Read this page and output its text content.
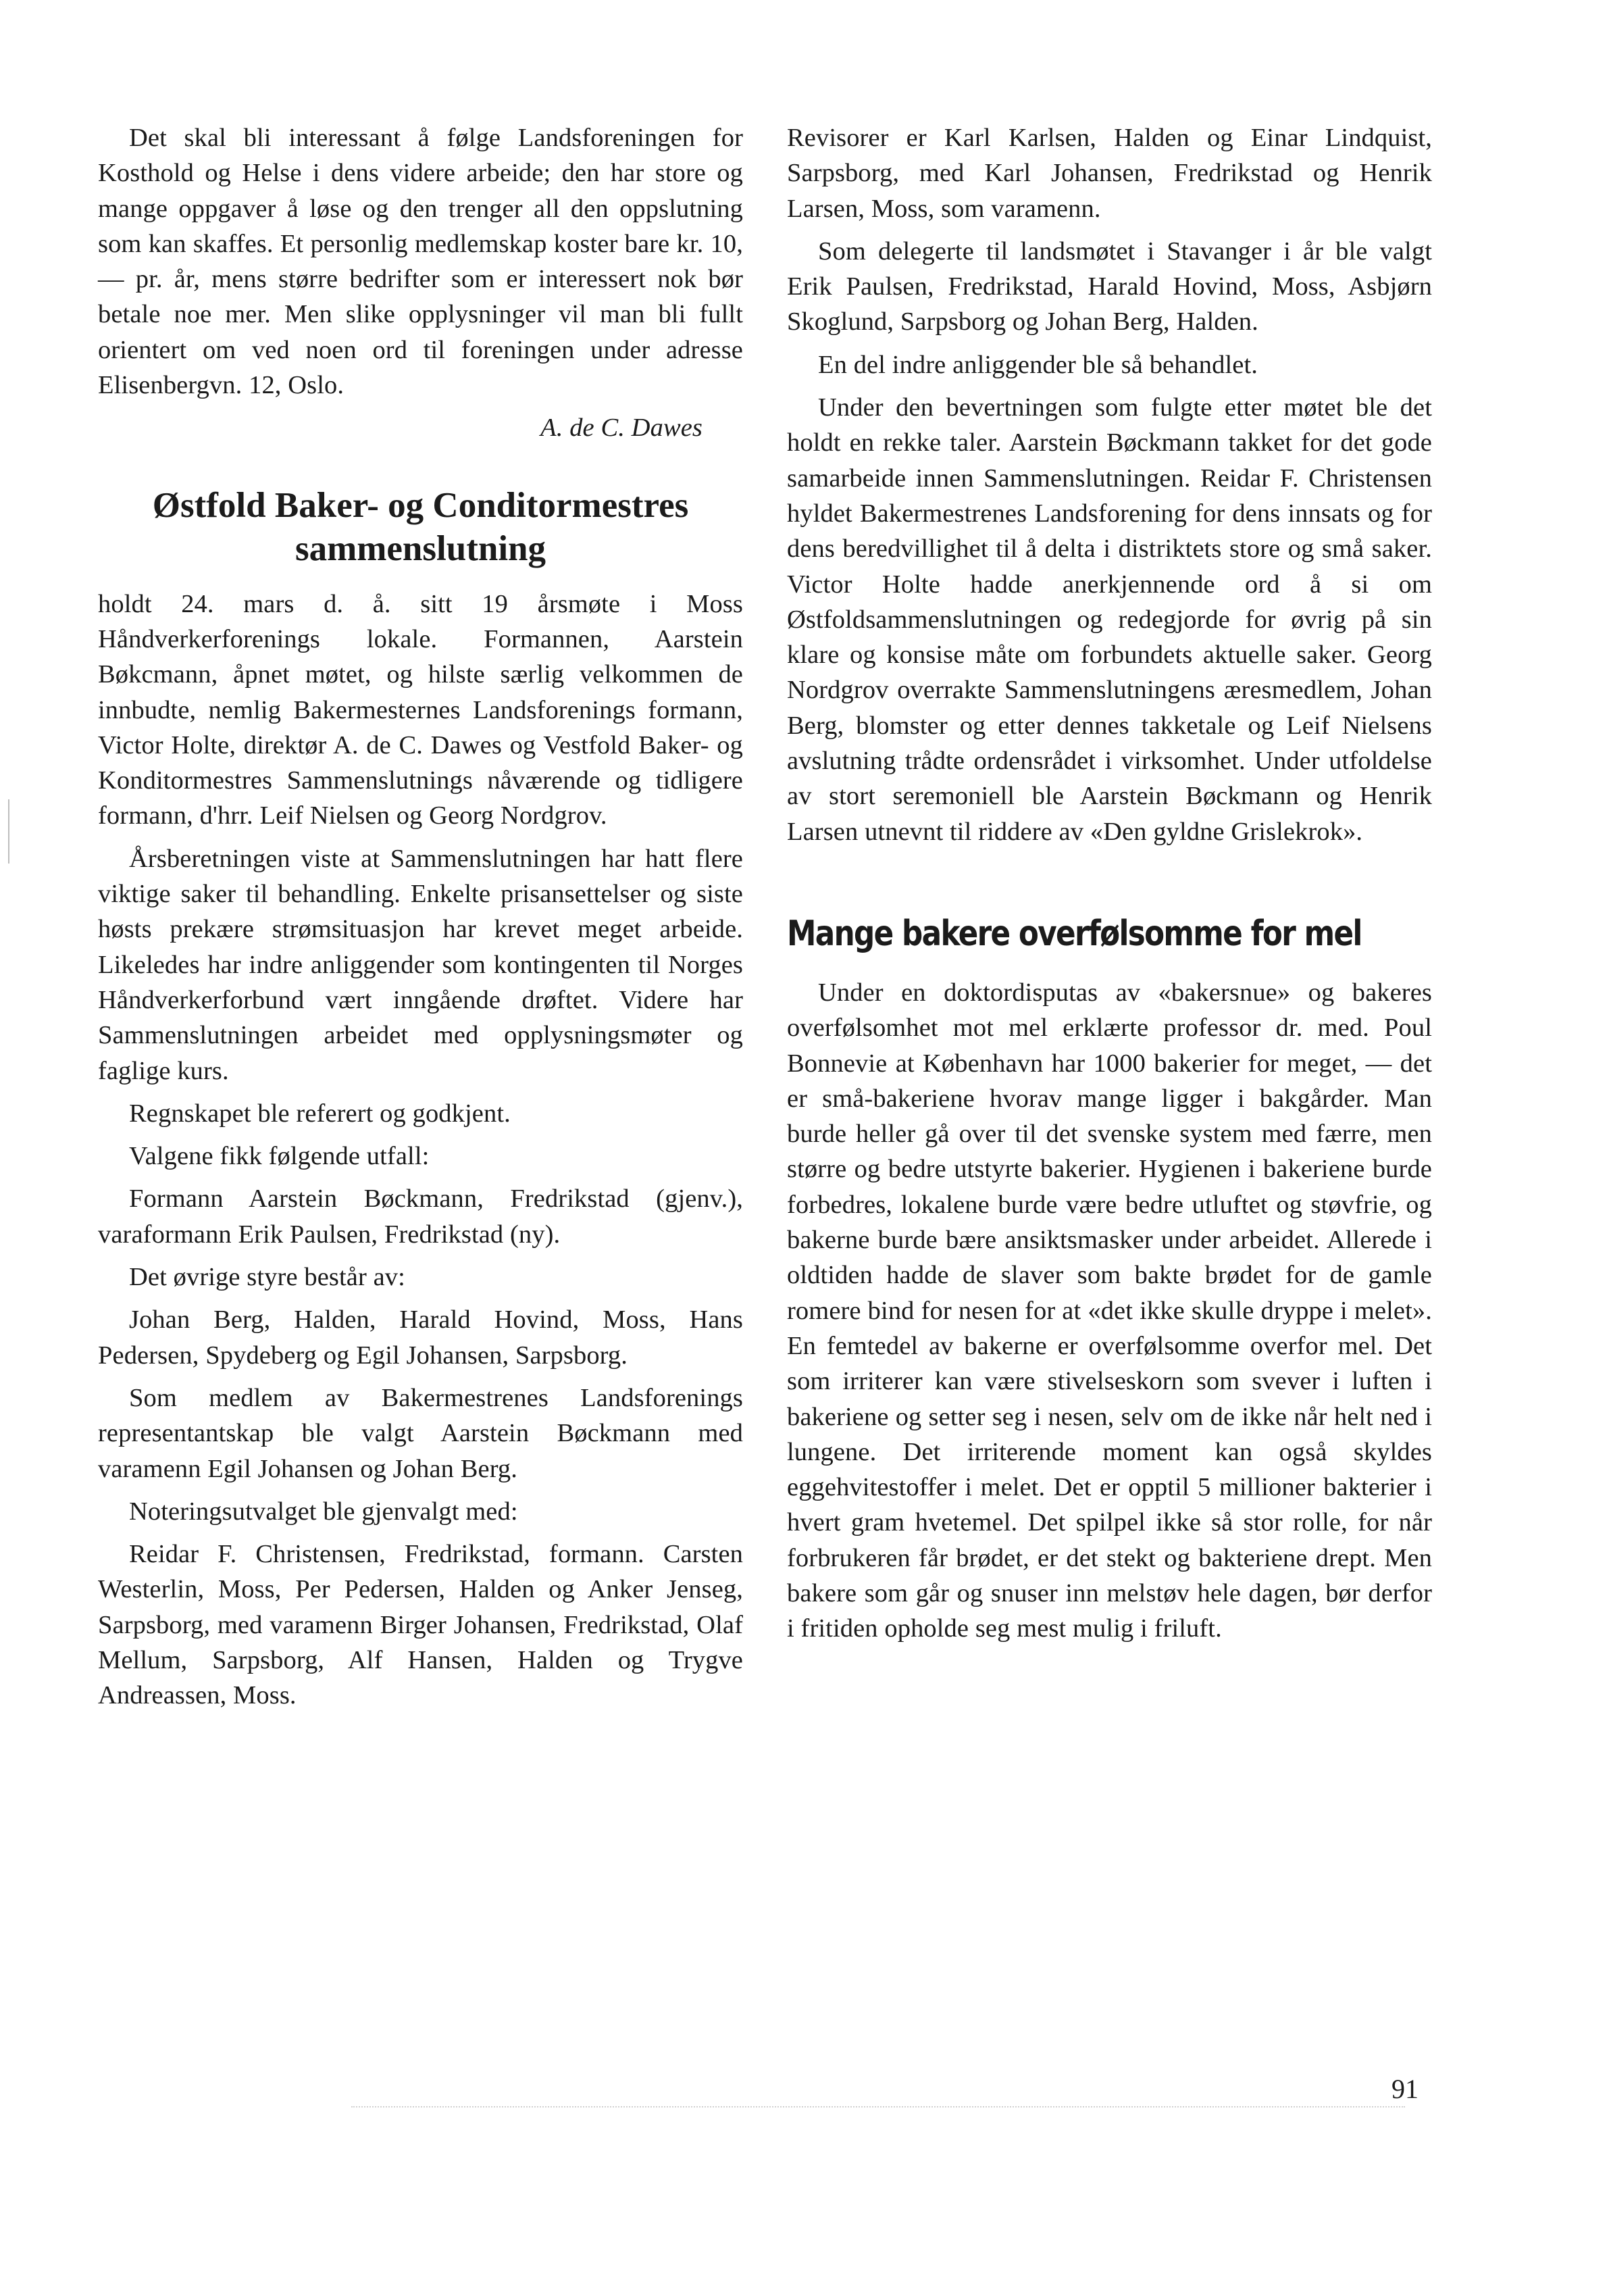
Det skal bli interessant å følge Landsforeningen for Kosthold og Helse i dens videre arbeide; den har store og mange oppgaver å løse og den trenger all den oppslutning som kan skaffes. Et personlig medlemskap koster bare kr. 10,— pr. år, mens større bedrifter som er interessert nok bør betale noe mer. Men slike opplysninger vil man bli fullt orientert om ved noen ord til foreningen under adresse Elisenbergvn. 12, Oslo.

A. de C. Dawes

Østfold Baker- og Conditormestres sammenslutning

holdt 24. mars d. å. sitt 19 årsmøte i Moss Håndverkerforenings lokale. Formannen, Aarstein Bøkcmann, åpnet møtet, og hilste særlig velkommen de innbudte, nemlig Bakermesternes Landsforenings formann, Victor Holte, direktør A. de C. Dawes og Vestfold Baker- og Konditormestres Sammenslutnings nåværende og tidligere formann, d'hrr. Leif Nielsen og Georg Nordgrov.

Årsberetningen viste at Sammenslutningen har hatt flere viktige saker til behandling. Enkelte prisansettelser og siste høsts prekære strømsituasjon har krevet meget arbeide. Likeledes har indre anliggender som kontingenten til Norges Håndverkerforbund vært inngående drøftet. Videre har Sammenslutningen arbeidet med opplysningsmøter og faglige kurs.

Regnskapet ble referert og godkjent.

Valgene fikk følgende utfall:

Formann Aarstein Bøckmann, Fredrikstad (gjenv.), varaformann Erik Paulsen, Fredrikstad (ny).

Det øvrige styre består av:

Johan Berg, Halden, Harald Hovind, Moss, Hans Pedersen, Spydeberg og Egil Johansen, Sarpsborg.

Som medlem av Bakermestrenes Landsforenings representantskap ble valgt Aarstein Bøckmann med varamenn Egil Johansen og Johan Berg.

Noteringsutvalget ble gjenvalgt med:

Reidar F. Christensen, Fredrikstad, formann. Carsten Westerlin, Moss, Per Pedersen, Halden og Anker Jenseg, Sarpsborg, med varamenn Birger Johansen, Fredrikstad, Olaf Mellum, Sarpsborg, Alf Hansen, Halden og Trygve Andreassen, Moss.

Revisorer er Karl Karlsen, Halden og Einar Lindquist, Sarpsborg, med Karl Johansen, Fredrikstad og Henrik Larsen, Moss, som varamenn.

Som delegerte til landsmøtet i Stavanger i år ble valgt Erik Paulsen, Fredrikstad, Harald Hovind, Moss, Asbjørn Skoglund, Sarpsborg og Johan Berg, Halden.

En del indre anliggender ble så behandlet.

Under den bevertningen som fulgte etter møtet ble det holdt en rekke taler. Aarstein Bøckmann takket for det gode samarbeide innen Sammenslutningen. Reidar F. Christensen hyldet Bakermestrenes Landsforening for dens innsats og for dens beredvillighet til å delta i distriktets store og små saker. Victor Holte hadde anerkjennende ord å si om Østfoldsammenslutningen og redegjorde for øvrig på sin klare og konsise måte om forbundets aktuelle saker. Georg Nordgrov overrakte Sammenslutningens æresmedlem, Johan Berg, blomster og etter dennes takketale og Leif Nielsens avslutning trådte ordensrådet i virksomhet. Under utfoldelse av stort seremoniell ble Aarstein Bøckmann og Henrik Larsen utnevnt til riddere av «Den gyldne Grislekrok».

Mange bakere overfølsomme for mel

Under en doktordisputas av «bakersnue» og bakeres overfølsomhet mot mel erklærte professor dr. med. Poul Bonnevie at København har 1000 bakerier for meget, — det er små-bakeriene hvorav mange ligger i bakgårder. Man burde heller gå over til det svenske system med færre, men større og bedre utstyrte bakerier. Hygienen i bakeriene burde forbedres, lokalene burde være bedre utluftet og støvfrie, og bakerne burde bære ansiktsmasker under arbeidet. Allerede i oldtiden hadde de slaver som bakte brødet for de gamle romere bind for nesen for at «det ikke skulle dryppe i melet». En femtedel av bakerne er overfølsomme overfor mel. Det som irriterer kan være stivelseskorn som svever i luften i bakeriene og setter seg i nesen, selv om de ikke når helt ned i lungene. Det irriterende moment kan også skyldes eggehvitestoffer i melet. Det er opptil 5 millioner bakterier i hvert gram hvetemel. Det spilpel ikke så stor rolle, for når forbrukeren får brødet, er det stekt og bakteriene drept. Men bakere som går og snuser inn melstøv hele dagen, bør derfor i fritiden opholde seg mest mulig i friluft.

91
